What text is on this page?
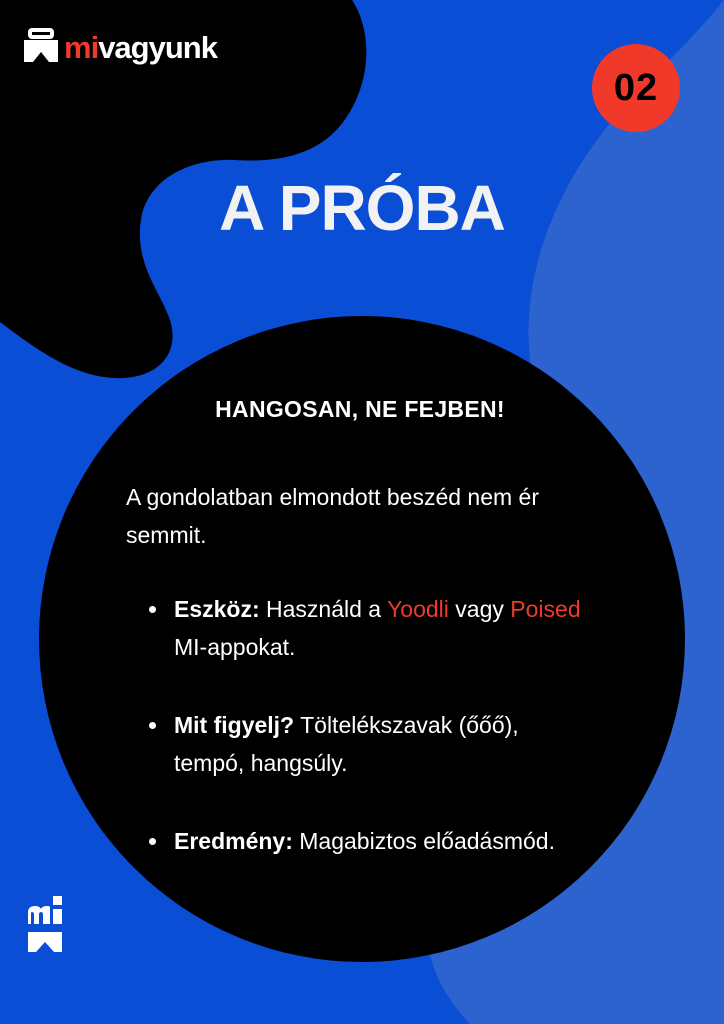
mivagyunk
02
A PRÓBA
HANGOSAN, NE FEJBEN!
A gondolatban elmondott beszéd nem ér semmit.
Eszköz: Használd a Yoodli vagy Poised MI-appokat.
Mit figyelj? Töltelékszavak (őőő), tempó, hangsúly.
Eredmény: Magabiztos előadásmód.
